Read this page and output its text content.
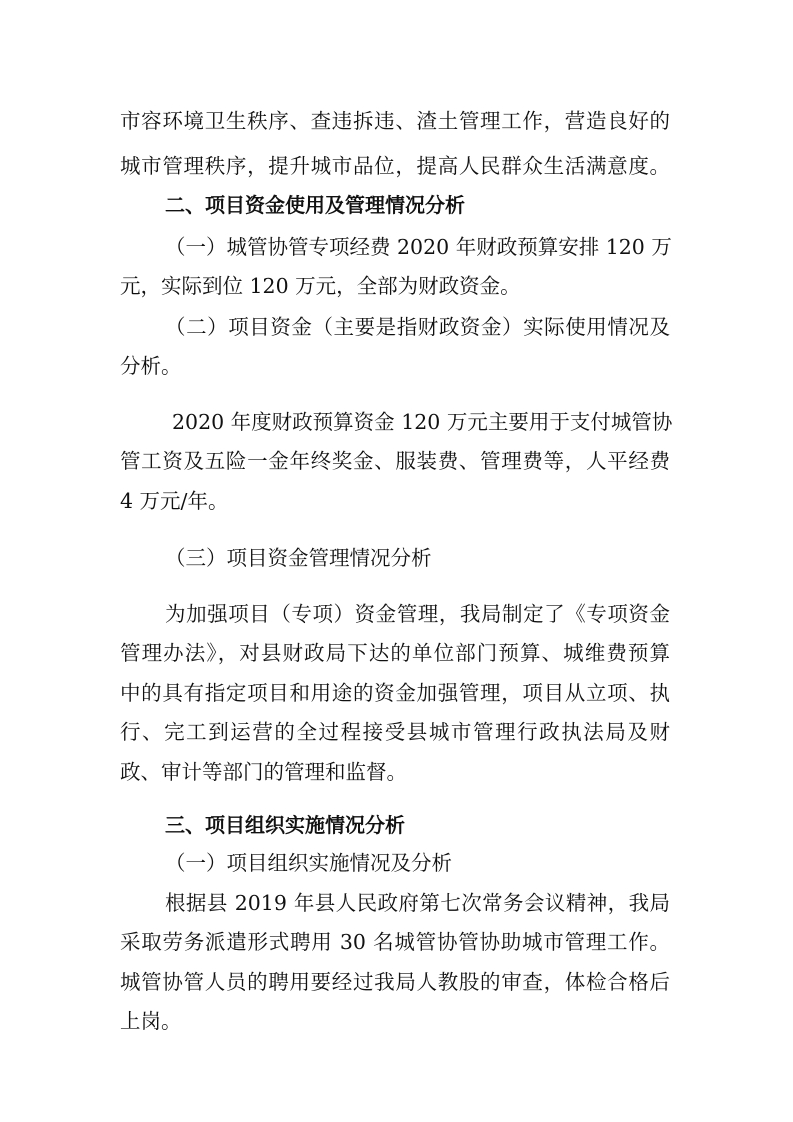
市容环境卫生秩序、查违拆违、渣土管理工作，营造良好的
城市管理秩序，提升城市品位，提高人民群众生活满意度。
二、项目资金使用及管理情况分析
（一）城管协管专项经费 2020 年财政预算安排 120 万
元，实际到位 120 万元，全部为财政资金。
（二）项目资金（主要是指财政资金）实际使用情况及
分析。
2020 年度财政预算资金 120 万元主要用于支付城管协
管工资及五险一金年终奖金、服装费、管理费等，人平经费
4 万元/年。
（三）项目资金管理情况分析
为加强项目（专项）资金管理，我局制定了《专项资金
管理办法》，对县财政局下达的单位部门预算、城维费预算
中的具有指定项目和用途的资金加强管理，项目从立项、执
行、完工到运营的全过程接受县城市管理行政执法局及财
政、审计等部门的管理和监督。
三、项目组织实施情况分析
（一）项目组织实施情况及分析
根据县 2019 年县人民政府第七次常务会议精神，我局
采取劳务派遣形式聘用 30 名城管协管协助城市管理工作。
城管协管人员的聘用要经过我局人教股的审查，体检合格后
上岗。
